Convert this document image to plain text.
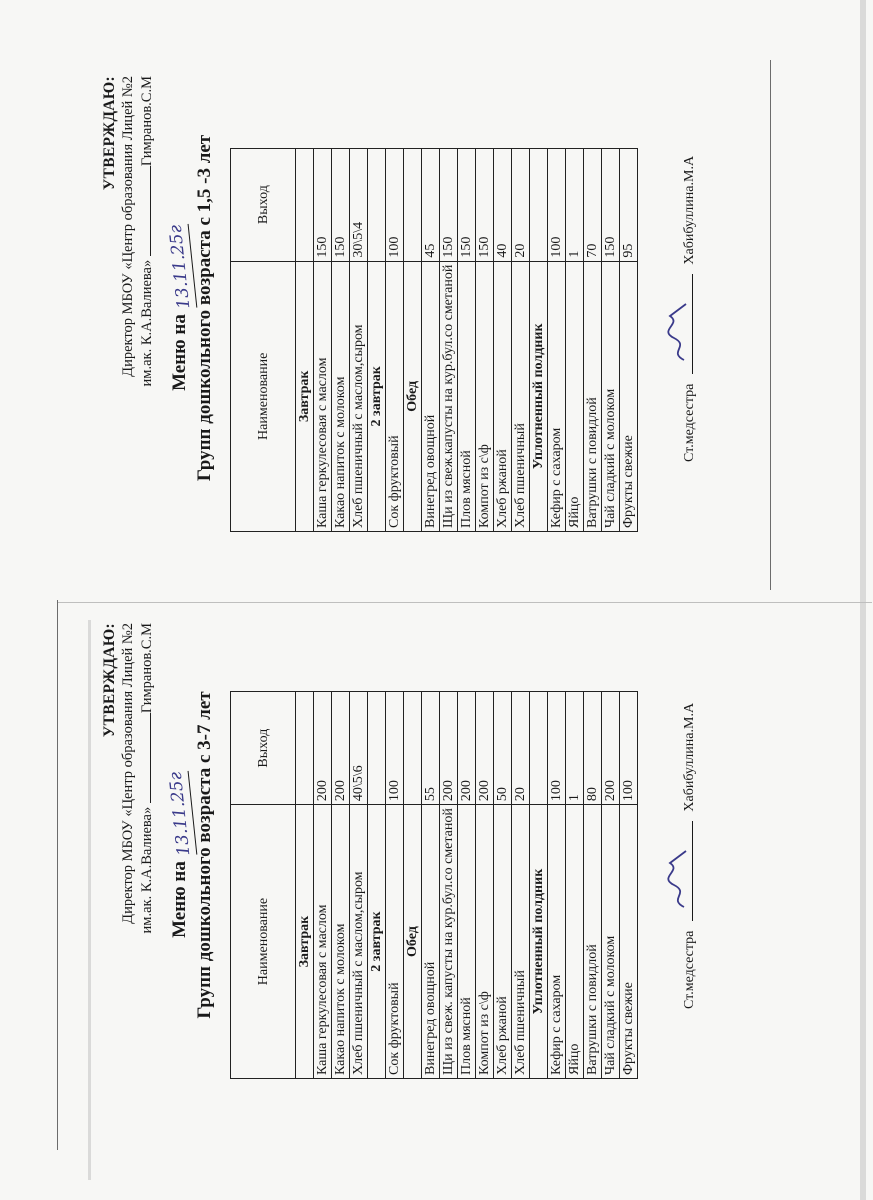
УТВЕРЖДАЮ: Директор МБОУ «Центр образования Лицей №2 им.ак. К.А.Валиева» Гимранов.С.М
Меню на 13.11.25г Групп дошкольного возраста с 1,5 -3 лет	Наименование	Выход
Завтрак	
Каша геркулесовая с маслом	150
Какао напиток с молоком	150
Хлеб пшеничный с маслом,сыром	30\5\4
2 завтрак	
Сок фруктовый	100
Обед	
Винегред овощной	45
Щи из свеж.капусты на кур.бул.со сметаной	150
Плов мясной	150
Компот из с\ф	150
Хлеб ржаной	40
Хлеб пшеничный	20
Уплотненный полдник	
Кефир с сахаром	100
Яйцо	1
Ватрушки с повидлой	70
Чай сладкий с молоком	150
Фрукты свежие	95
Ст.медсестра
Хабибуллина.М.А
УТВЕРЖДАЮ: Директор МБОУ «Центр образования Лицей №2 им.ак. К.А.Валиева» Гимранов.С.М
Меню на 13.11.25г Групп дошкольного возраста с 3-7 лет	Наименование	Выход
Завтрак	
Каша геркулесовая с маслом	200
Какао напиток с молоком	200
Хлеб пшеничный с маслом,сыром	40\5\6
2 завтрак	
Сок фруктовый	100
Обед	
Винегред овощной	55
Щи из свеж. капусты на кур.бул.со сметаной	200
Плов мясной	200
Компот из с\ф	200
Хлеб ржаной	50
Хлеб пшеничный	20
Уплотненный полдник	
Кефир с сахаром	100
Яйцо	1
Ватрушки с повидлой	80
Чай сладкий с молоком	200
Фрукты свежие	100
Ст.медсестра
Хабибуллина.М.А
